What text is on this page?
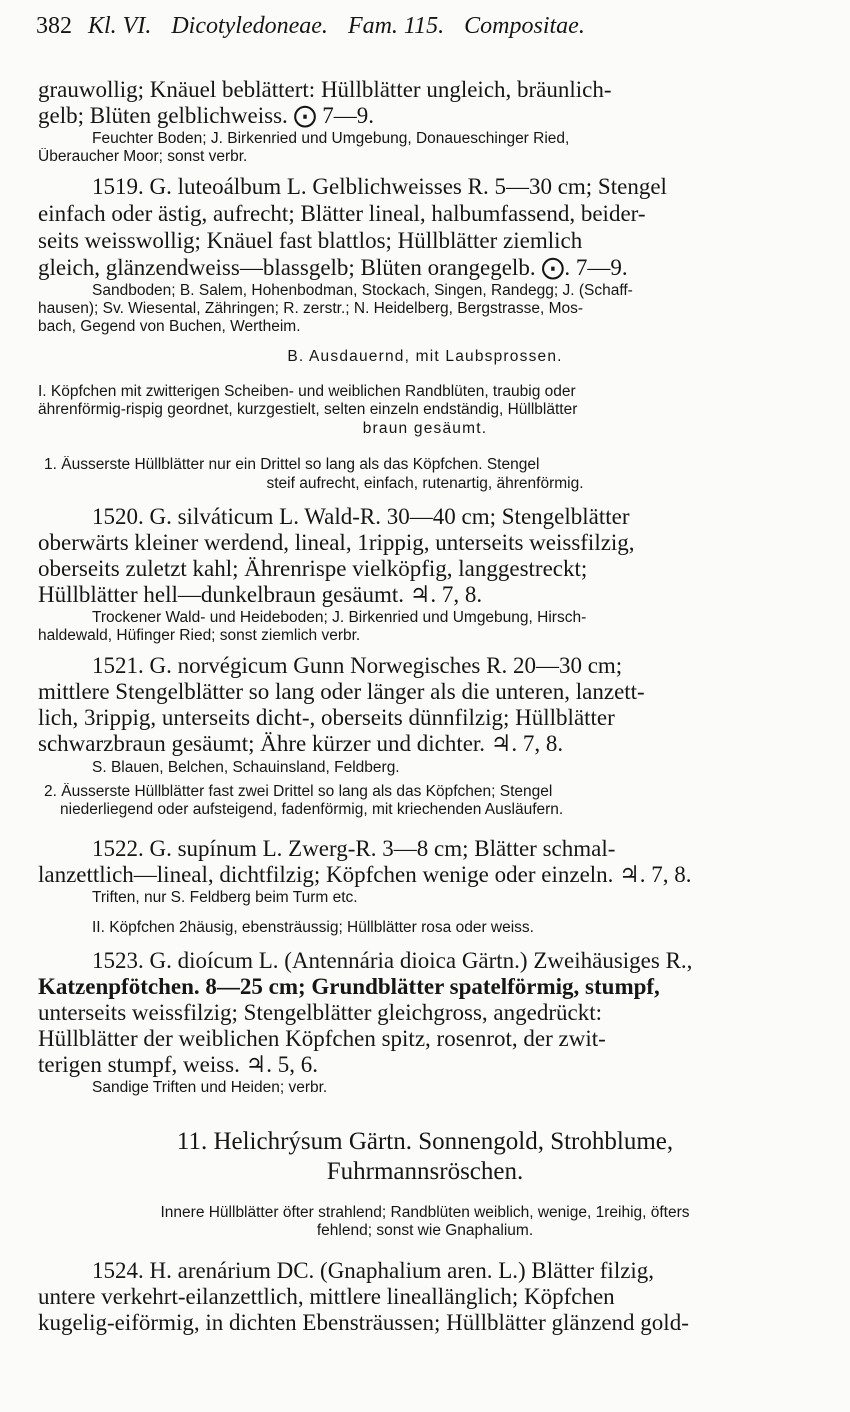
382 Kl. VI. Dicotyledoneae. Fam. 115. Compositae.
grauwollig; Knäuel beblättert: Hüllblätter ungleich, bräunlich-
gelb; Blüten gelblichweiss. ⨀ 7—9.
Feuchter Boden; J. Birkenried und Umgebung, Donaueschinger Ried,
Überaucher Moor; sonst verbr.
1519. G. luteoálbum L. Gelblichweisses R. 5—30 cm; Stengel
einfach oder ästig, aufrecht; Blätter lineal, halbumfassend, beider-
seits weisswollig; Knäuel fast blattlos; Hüllblätter ziemlich
gleich, glänzendweiss—blassgelb; Blüten orangegelb. ⨀. 7—9.
Sandboden; B. Salem, Hohenbodman, Stockach, Singen, Randegg; J. (Schaff-
hausen); Sv. Wiesental, Zähringen; R. zerstr.; N. Heidelberg, Bergstrasse, Mos-
bach, Gegend von Buchen, Wertheim.
B. Ausdauernd, mit Laubsprossen.
I. Köpfchen mit zwitterigen Scheiben- und weiblichen Randblüten, traubig oder
ährenförmig-rispig geordnet, kurzgestielt, selten einzeln endständig, Hüllblätter
braun gesäumt.
1. Äusserste Hüllblätter nur ein Drittel so lang als das Köpfchen. Stengel
steif aufrecht, einfach, rutenartig, ährenförmig.
1520. G. silváticum L. Wald-R. 30—40 cm; Stengelblätter
oberwärts kleiner werdend, lineal, 1rippig, unterseits weissfilzig,
oberseits zuletzt kahl; Ährenrispe vielköpfig, langgestreckt;
Hüllblätter hell—dunkelbraun gesäumt. ♃. 7, 8.
Trockener Wald- und Heideboden; J. Birkenried und Umgebung, Hirsch-
haldewald, Hüfinger Ried; sonst ziemlich verbr.
1521. G. norvégicum Gunn Norwegisches R. 20—30 cm;
mittlere Stengelblätter so lang oder länger als die unteren, lanzett-
lich, 3rippig, unterseits dicht-, oberseits dünnfilzig; Hüllblätter
schwarzbraun gesäumt; Ähre kürzer und dichter. ♃. 7, 8.
S. Blauen, Belchen, Schauinsland, Feldberg.
2. Äusserste Hüllblätter fast zwei Drittel so lang als das Köpfchen; Stengel
niederliegend oder aufsteigend, fadenförmig, mit kriechenden Ausläufern.
1522. G. supínum L. Zwerg-R. 3—8 cm; Blätter schmal-
lanzettlich—lineal, dichtfilzig; Köpfchen wenige oder einzeln. ♃. 7, 8.
Triften, nur S. Feldberg beim Turm etc.
II. Köpfchen 2häusig, ebensträussig; Hüllblätter rosa oder weiss.
1523. G. dioícum L. (Antennária dioica Gärtn.) Zweihäusiges R.,
Katzenpfötchen. 8—25 cm; Grundblätter spatelförmig, stumpf,
unterseits weissfilzig; Stengelblätter gleichgross, angedrückt:
Hüllblätter der weiblichen Köpfchen spitz, rosenrot, der zwit-
terigen stumpf, weiss. ♃. 5, 6.
Sandige Triften und Heiden; verbr.
11. Helichrýsum Gärtn. Sonnengold, Strohblume,
Fuhrmannsröschen.
Innere Hüllblätter öfter strahlend; Randblüten weiblich, wenige, 1reihig, öfters
fehlend; sonst wie Gnaphalium.
1524. H. arenárium DC. (Gnaphalium aren. L.) Blätter filzig,
untere verkehrt-eilanzettlich, mittlere lineallänglich; Köpfchen
kugelig-eiförmig, in dichten Ebensträussen; Hüllblätter glänzend gold-
